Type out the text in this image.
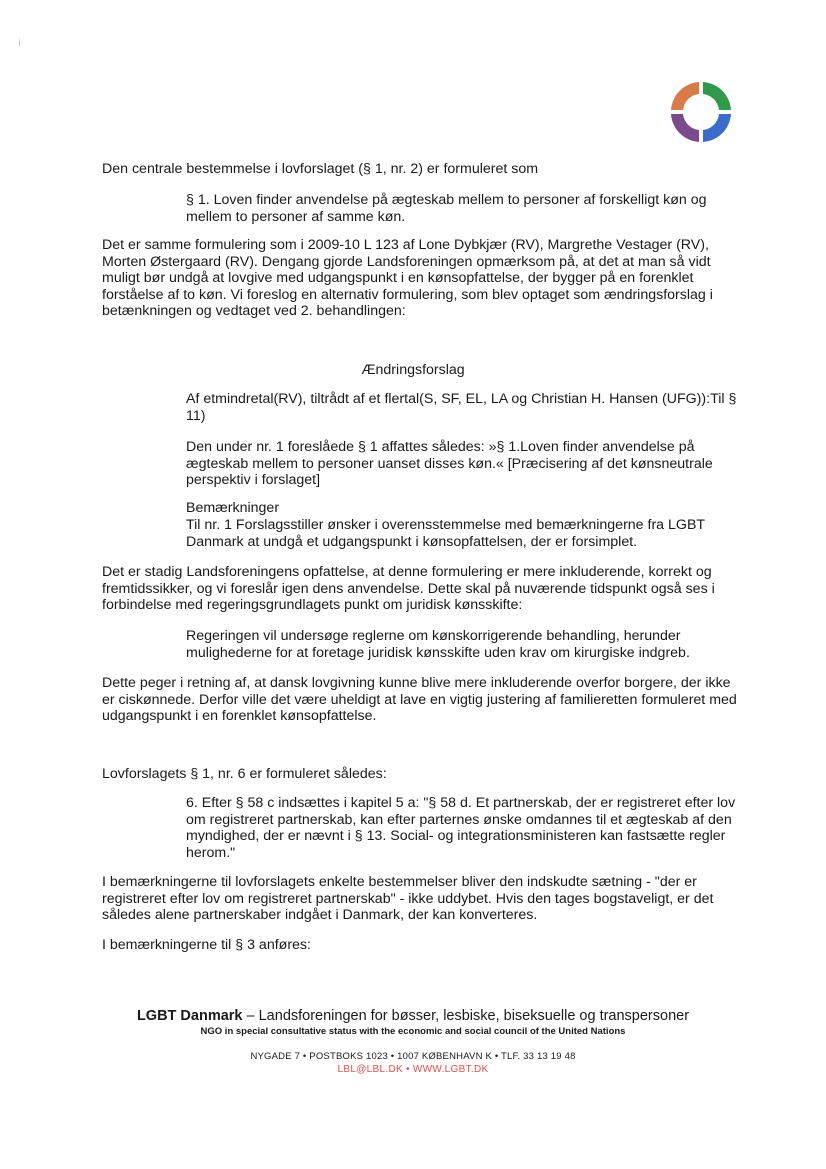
ⅰ

Den centrale bestemmelse i lovforslaget (§ 1, nr. 2) er formuleret som

§ 1. Loven finder anvendelse på ægteskab mellem to personer af forskelligt køn og mellem to personer af samme køn.

Det er samme formulering som i 2009-10 L 123 af Lone Dybkjær (RV), Margrethe Vestager (RV), Morten Østergaard (RV). Dengang gjorde Landsforeningen opmærksom på, at det at man så vidt muligt bør undgå at lovgive med udgangspunkt i en kønsopfattelse, der bygger på en forenklet forståelse af to køn. Vi foreslog en alternativ formulering, som blev optaget som ændringsforslag i betænkningen og vedtaget ved 2. behandlingen:

Ændringsforslag

Af etmindretal(RV), tiltrådt af et flertal(S, SF, EL, LA og Christian H. Hansen (UFG)):Til § 11)

Den under nr. 1 foreslåede § 1 affattes således: »§ 1.Loven finder anvendelse på ægteskab mellem to personer uanset disses køn.« [Præcisering af det kønsneutrale perspektiv i forslaget]

Bemærkninger

Til nr. 1 Forslagsstiller ønsker i overensstemmelse med bemærkningerne fra LGBT Danmark at undgå et udgangspunkt i kønsopfattelsen, der er forsimplet.

Det er stadig Landsforeningens opfattelse, at denne formulering er mere inkluderende, korrekt og fremtidssikker, og vi foreslår igen dens anvendelse. Dette skal på nuværende tidspunkt også ses i forbindelse med regeringsgrundlagets punkt om juridisk kønsskifte:

Regeringen vil undersøge reglerne om kønskorrigerende behandling, herunder mulighederne for at foretage juridisk kønsskifte uden krav om kirurgiske indgreb.

Dette peger i retning af, at dansk lovgivning kunne blive mere inkluderende overfor borgere, der ikke er ciskønnede. Derfor ville det være uheldigt at lave en vigtig justering af familieretten formuleret med udgangspunkt i en forenklet kønsopfattelse.

Lovforslagets § 1, nr. 6 er formuleret således:

6. Efter § 58 c indsættes i kapitel 5 a: "§ 58 d. Et partnerskab, der er registreret efter lov om registreret partnerskab, kan efter parternes ønske omdannes til et ægteskab af den myndighed, der er nævnt i § 13. Social- og integrationsministeren kan fastsætte regler herom."

I bemærkningerne til lovforslagets enkelte bestemmelser bliver den indskudte sætning - "der er registreret efter lov om registreret partnerskab" - ikke uddybet. Hvis den tages bogstaveligt, er det således alene partnerskaber indgået i Danmark, der kan konverteres.

I bemærkningerne til § 3 anføres:

LGBT Danmark – Landsforeningen for bøsser, lesbiske, biseksuelle og transpersoner
NGO in special consultative status with the economic and social council of the United Nations
NYGADE 7 • POSTBOKS 1023 • 1007 KØBENHAVN K • TLF. 33 13 19 48
LBL@LBL.DK • WWW.LGBT.DK
